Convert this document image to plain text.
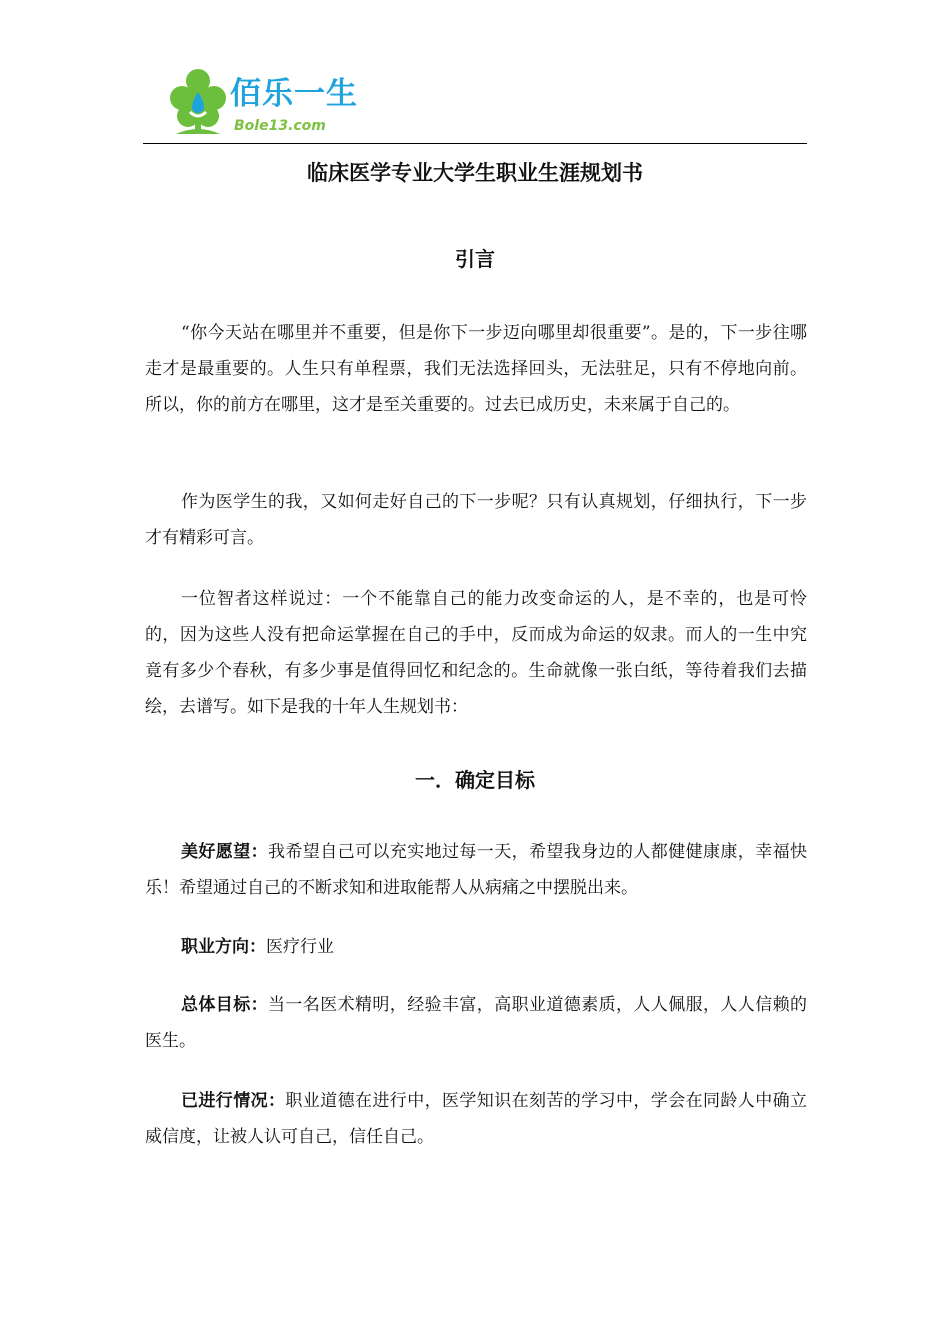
佰乐一生
Bole13.com
临床医学专业大学生职业生涯规划书
引言

“你今天站在哪里并不重要，但是你下一步迈向哪里却很重要”。是的，下一步往哪走才是最重要的。人生只有单程票，我们无法选择回头，无法驻足，只有不停地向前。所以，你的前方在哪里，这才是至关重要的。过去已成历史，未来属于自己的。

作为医学生的我，又如何走好自己的下一步呢？只有认真规划，仔细执行，下一步才有精彩可言。

一位智者这样说过：一个不能靠自己的能力改变命运的人，是不幸的，也是可怜的，因为这些人没有把命运掌握在自己的手中，反而成为命运的奴隶。而人的一生中究竟有多少个春秋，有多少事是值得回忆和纪念的。生命就像一张白纸，等待着我们去描绘，去谱写。如下是我的十年人生规划书：

一．确定目标

美好愿望：我希望自己可以充实地过每一天，希望我身边的人都健健康康，幸福快乐！希望通过自己的不断求知和进取能帮人从病痛之中摆脱出来。

职业方向：医疗行业

总体目标：当一名医术精明，经验丰富，高职业道德素质，人人佩服，人人信赖的医生。

已进行情况：职业道德在进行中，医学知识在刻苦的学习中，学会在同龄人中确立威信度，让被人认可自己，信任自己。
